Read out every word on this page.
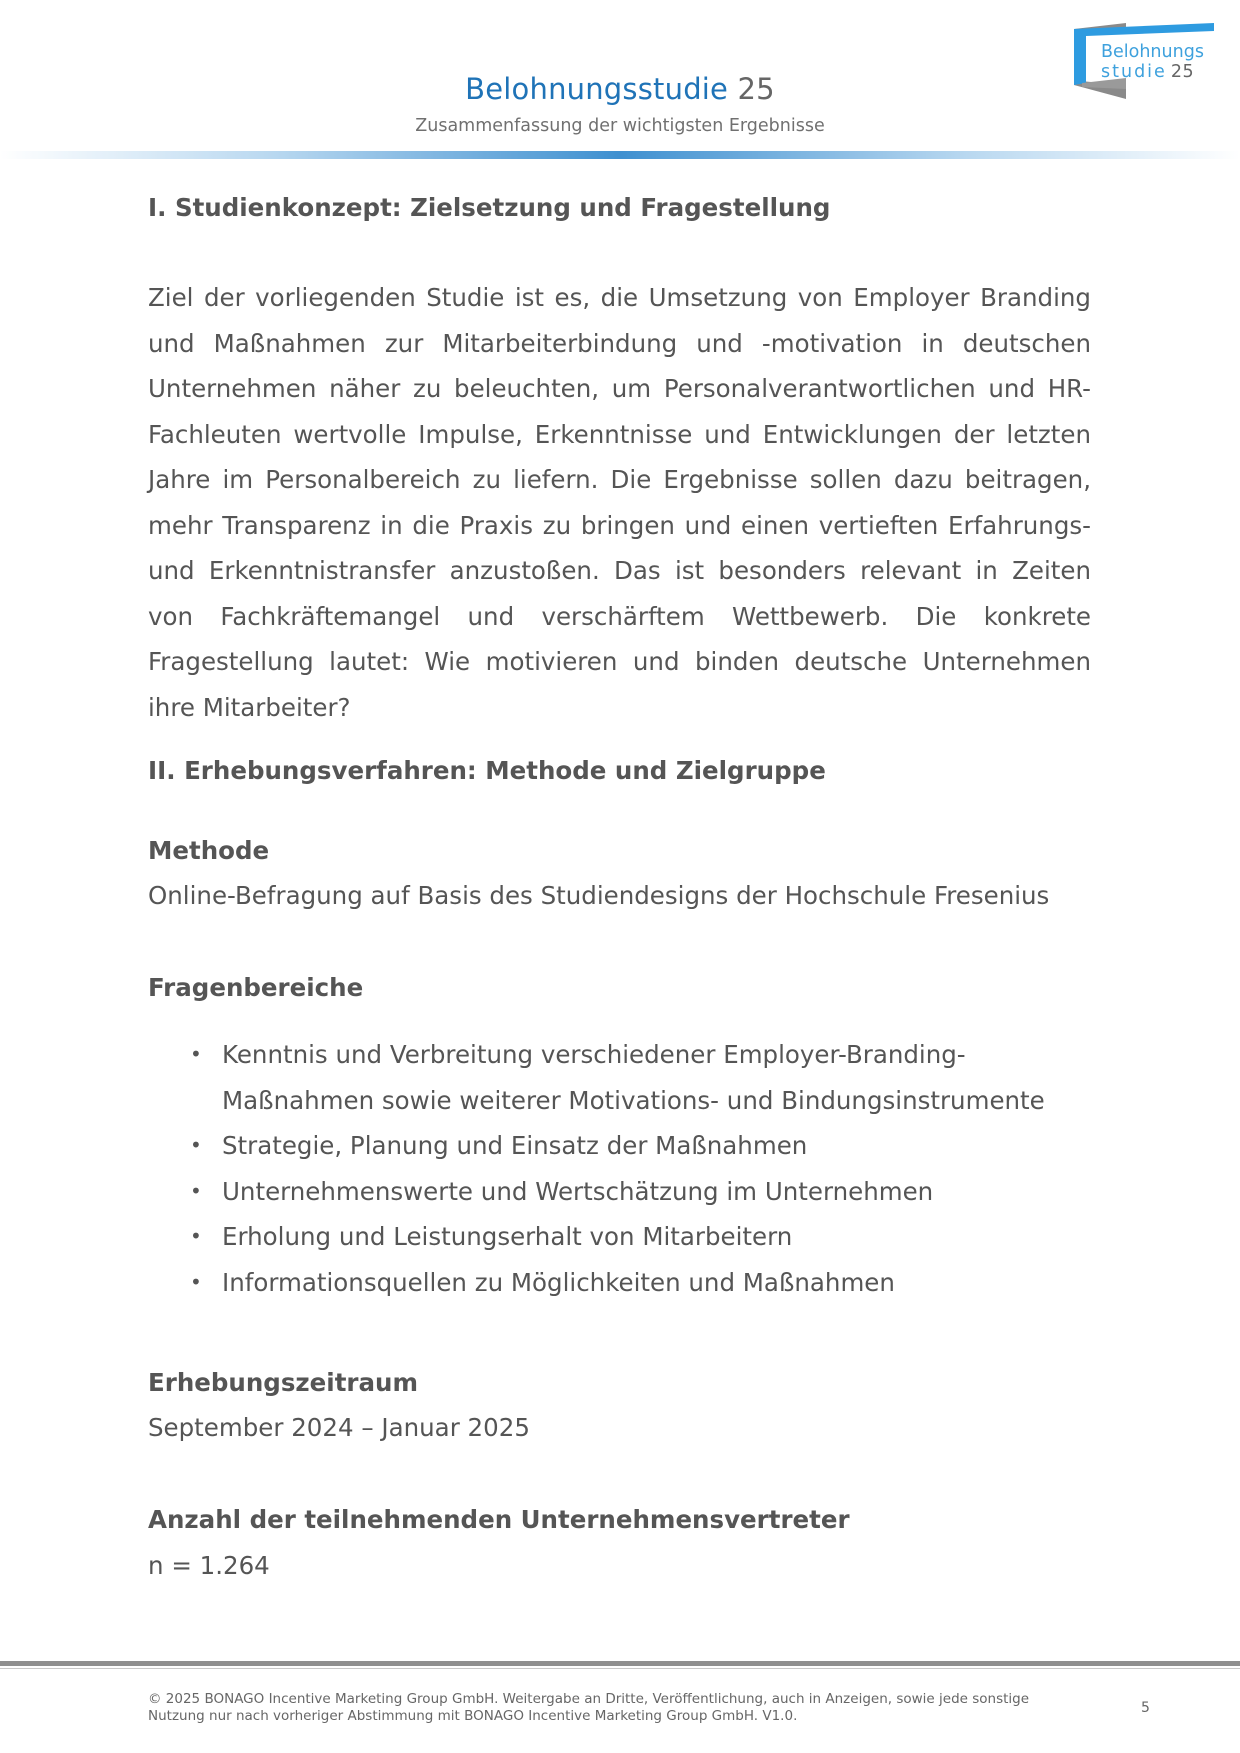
Belohnungsstudie 25
Zusammenfassung der wichtigsten Ergebnisse
Belohnungs
studie 25
I. Studienkonzept: Zielsetzung und Fragestellung

Ziel der vorliegenden Studie ist es, die Umsetzung von Employer Branding und Maßnahmen zur Mitarbeiterbindung und -motivation in deutschen Unternehmen näher zu beleuchten, um Personalverantwortlichen und HR-Fachleuten wertvolle Impulse, Erkenntnisse und Entwicklungen der letzten Jahre im Personalbereich zu liefern. Die Ergebnisse sollen dazu beitragen, mehr Transparenz in die Praxis zu bringen und einen vertieften Erfahrungs- und Erkenntnistransfer anzustoßen. Das ist besonders relevant in Zeiten von Fachkräftemangel und verschärftem Wettbewerb. Die konkrete Fragestellung lautet: Wie motivieren und binden deutsche Unternehmen ihre Mitarbeiter?

II. Erhebungsverfahren: Methode und Zielgruppe
Methode
Online-Befragung auf Basis des Studiendesigns der Hochschule Fresenius
Fragenbereiche
• Kenntnis und Verbreitung verschiedener Employer-Branding-Maßnahmen sowie weiterer Motivations- und Bindungsinstrumente
• Strategie, Planung und Einsatz der Maßnahmen
• Unternehmenswerte und Wertschätzung im Unternehmen
• Erholung und Leistungserhalt von Mitarbeitern
• Informationsquellen zu Möglichkeiten und Maßnahmen
Erhebungszeitraum
September 2024 – Januar 2025
Anzahl der teilnehmenden Unternehmensvertreter
n = 1.264

© 2025 BONAGO Incentive Marketing Group GmbH. Weitergabe an Dritte, Veröffentlichung, auch in Anzeigen, sowie jede sonstige Nutzung nur nach vorheriger Abstimmung mit BONAGO Incentive Marketing Group GmbH. V1.0.	5
